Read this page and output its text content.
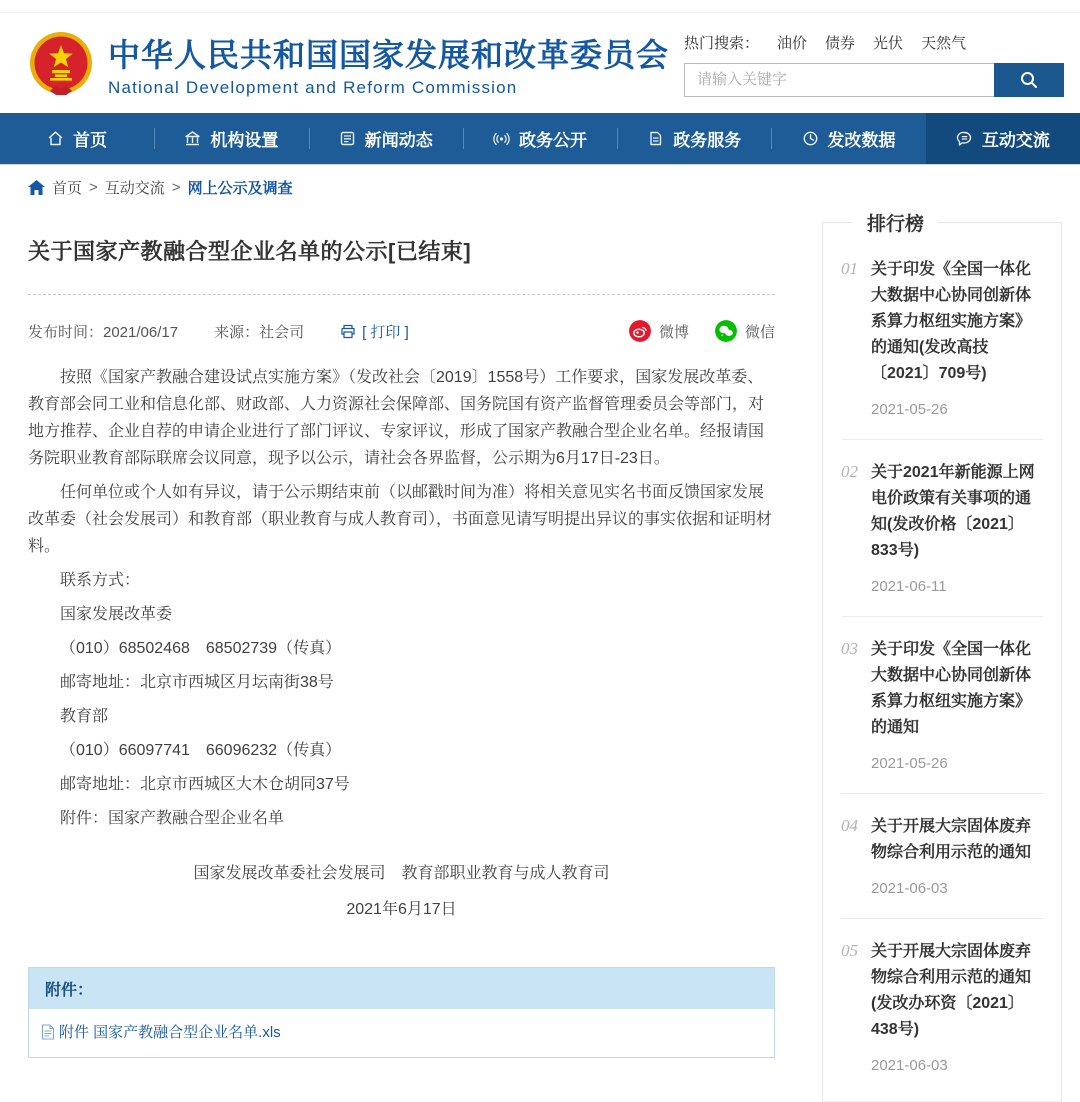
中华人民共和国国家发展和改革委员会
National Development and Reform Commission
热门搜索： 油价 债券 光伏 天然气
请输入关键字
首页	机构设置	新闻动态	政务公开	政务服务	发改数据	互动交流
首页 > 互动交流 > 网上公示及调查
关于国家产教融合型企业名单的公示[已结束]
发布时间：2021/06/17 来源：社会司	[ 打印 ]	微博	微信
按照《国家产教融合建设试点实施方案》（发改社会〔2019〕1558号）工作要求，国家发展改革委、教育部会同工业和信息化部、财政部、人力资源社会保障部、国务院国有资产监督管理委员会等部门，对地方推荐、企业自荐的申请企业进行了部门评议、专家评议，形成了国家产教融合型企业名单。经报请国务院职业教育部际联席会议同意，现予以公示，请社会各界监督，公示期为6月17日-23日。
任何单位或个人如有异议，请于公示期结束前（以邮戳时间为准）将相关意见实名书面反馈国家发展改革委（社会发展司）和教育部（职业教育与成人教育司），书面意见请写明提出异议的事实依据和证明材料。
联系方式：
国家发展改革委
（010）68502468　68502739（传真）
邮寄地址：北京市西城区月坛南街38号
教育部
（010）66097741　66096232（传真）
邮寄地址：北京市西城区大木仓胡同37号
附件：国家产教融合型企业名单
国家发展改革委社会发展司　教育部职业教育与成人教育司
2021年6月17日
附件：
附件 国家产教融合型企业名单.xls
排行榜
01 关于印发《全国一体化大数据中心协同创新体系算力枢纽实施方案》的通知(发改高技〔2021〕709号)
2021-05-26
02 关于2021年新能源上网电价政策有关事项的通知(发改价格〔2021〕833号)
2021-06-11
03 关于印发《全国一体化大数据中心协同创新体系算力枢纽实施方案》的通知
2021-05-26
04 关于开展大宗固体废弃物综合利用示范的通知
2021-06-03
05 关于开展大宗固体废弃物综合利用示范的通知(发改办环资〔2021〕438号)
2021-06-03
